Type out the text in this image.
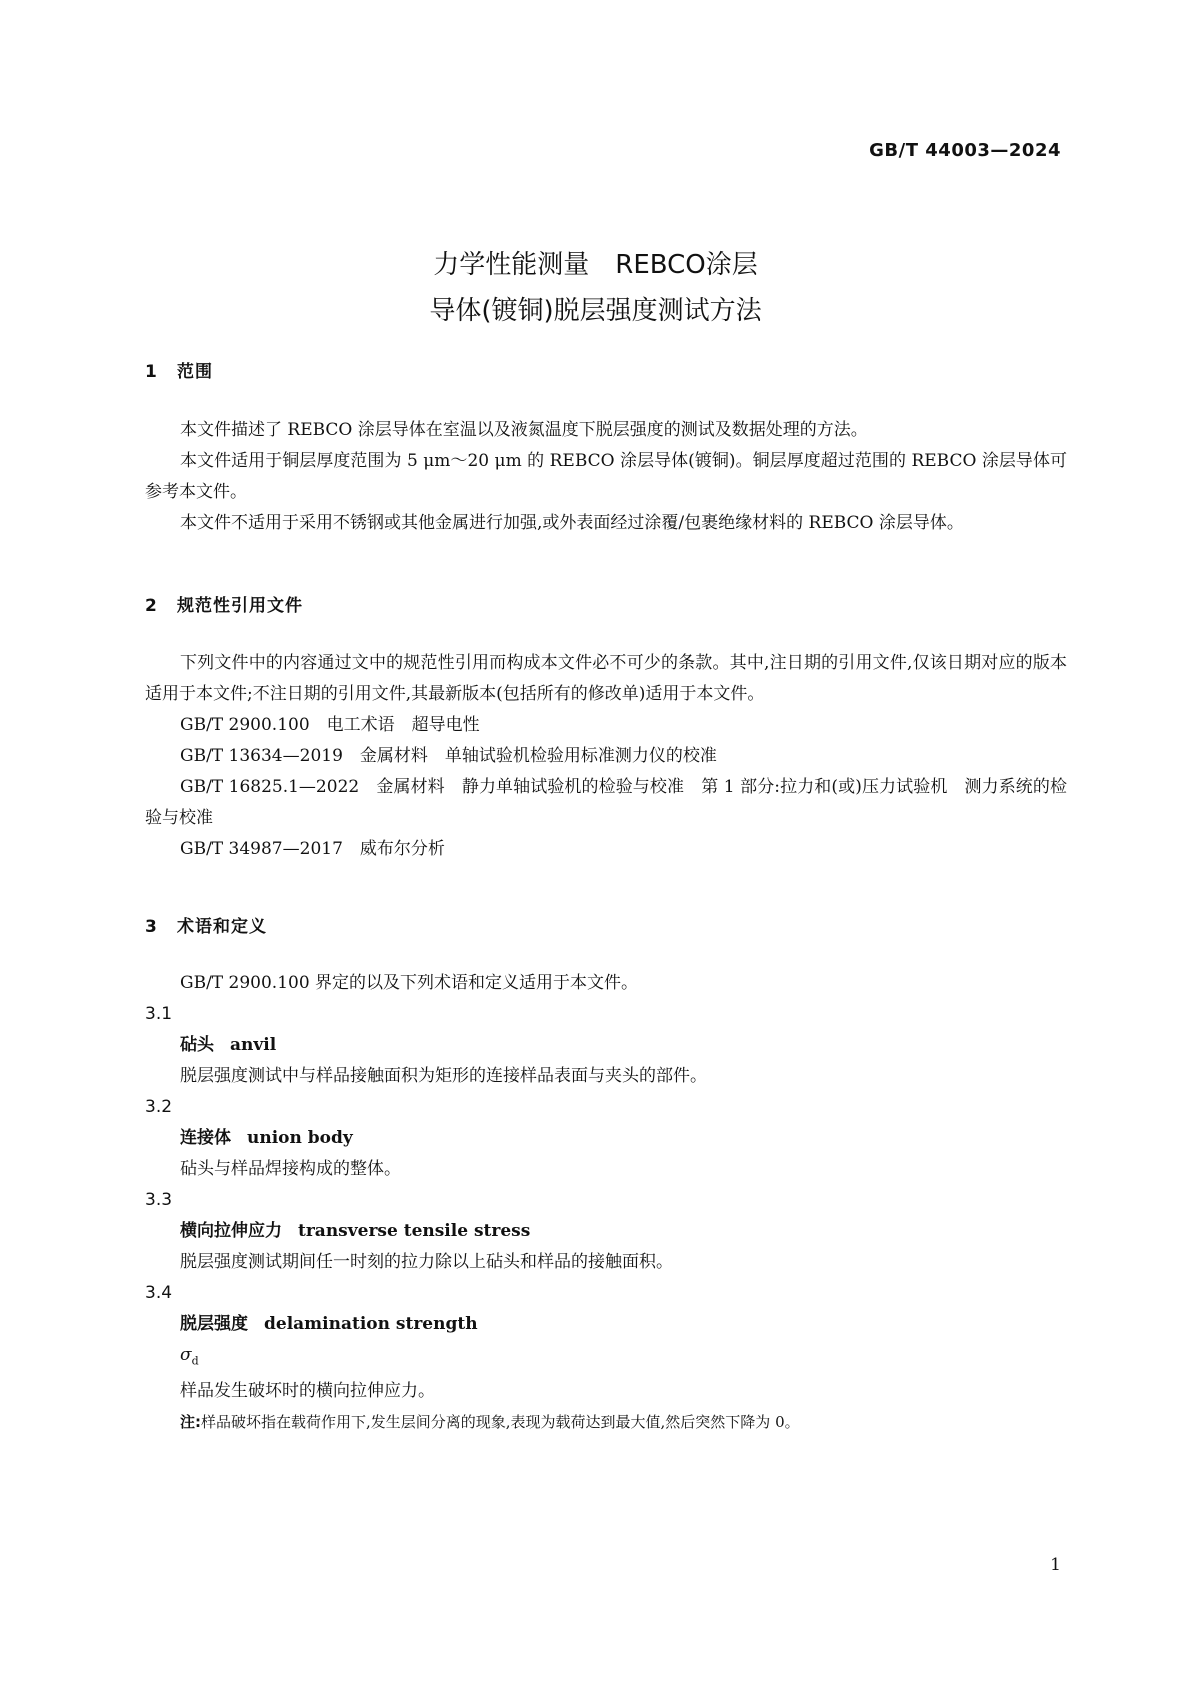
GB/T 44003—2024
力学性能测量　REBCO涂层
导体(镀铜)脱层强度测试方法
1 范围
本文件描述了 REBCO 涂层导体在室温以及液氮温度下脱层强度的测试及数据处理的方法。
本文件适用于铜层厚度范围为 5 μm～20 μm 的 REBCO 涂层导体(镀铜)。铜层厚度超过范围的 REBCO 涂层导体可参考本文件。
本文件不适用于采用不锈钢或其他金属进行加强,或外表面经过涂覆/包裹绝缘材料的 REBCO 涂层导体。
2 规范性引用文件
下列文件中的内容通过文中的规范性引用而构成本文件必不可少的条款。其中,注日期的引用文件,仅该日期对应的版本适用于本文件;不注日期的引用文件,其最新版本(包括所有的修改单)适用于本文件。
GB/T 2900.100　电工术语　超导电性
GB/T 13634—2019　金属材料　单轴试验机检验用标准测力仪的校准
GB/T 16825.1—2022　金属材料　静力单轴试验机的检验与校准　第 1 部分:拉力和(或)压力试验机　测力系统的检验与校准
GB/T 34987—2017　威布尔分析
3 术语和定义
GB/T 2900.100 界定的以及下列术语和定义适用于本文件。
3.1
砧头 anvil
脱层强度测试中与样品接触面积为矩形的连接样品表面与夹头的部件。
3.2
连接体 union body
砧头与样品焊接构成的整体。
3.3
横向拉伸应力 transverse tensile stress
脱层强度测试期间任一时刻的拉力除以上砧头和样品的接触面积。
3.4
脱层强度 delamination strength
$\sigma_d$
样品发生破坏时的横向拉伸应力。
注:样品破坏指在载荷作用下,发生层间分离的现象,表现为载荷达到最大值,然后突然下降为 0。
1
